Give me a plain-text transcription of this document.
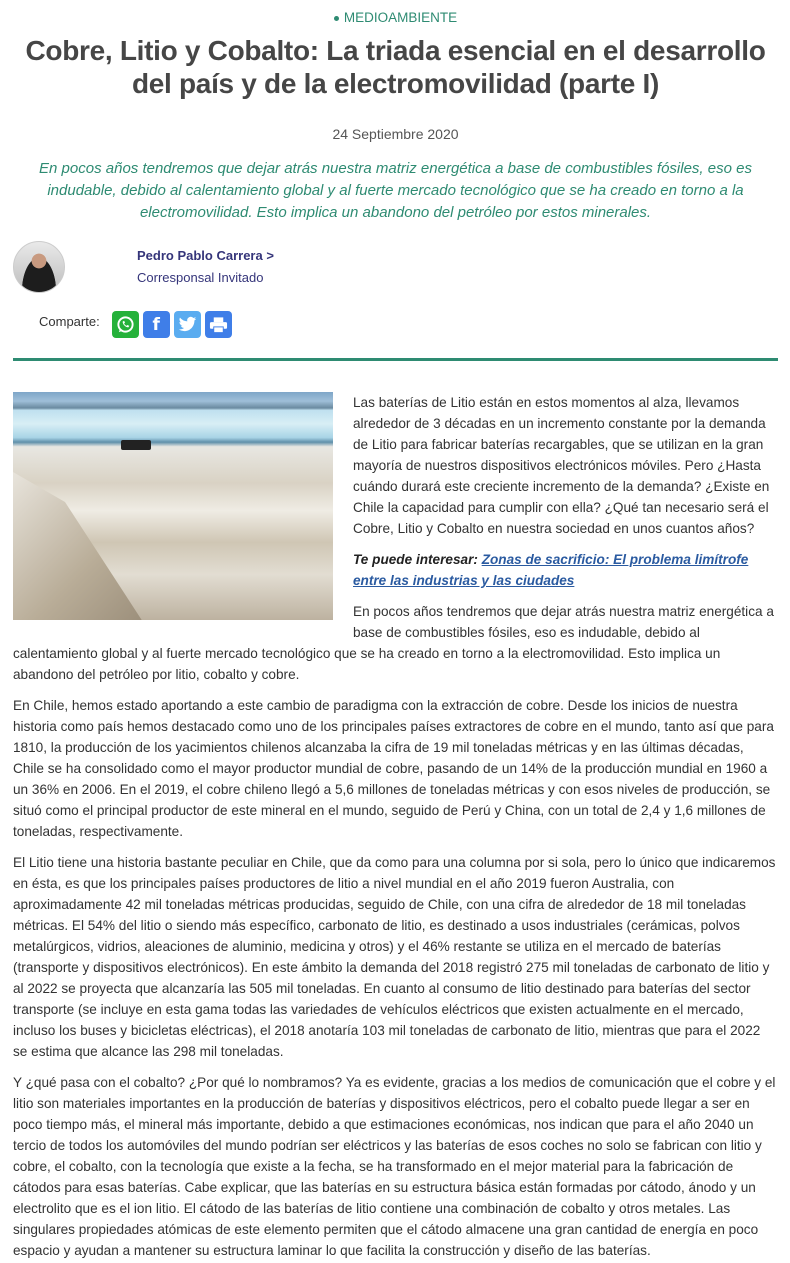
MEDIOAMBIENTE
Cobre, Litio y Cobalto: La triada esencial en el desarrollo del país y de la electromovilidad (parte I)
24 Septiembre 2020
En pocos años tendremos que dejar atrás nuestra matriz energética a base de combustibles fósiles, eso es indudable, debido al calentamiento global y al fuerte mercado tecnológico que se ha creado en torno a la electromovilidad. Esto implica un abandono del petróleo por estos minerales.
Pedro Pablo Carrera >
Corresponsal Invitado
Comparte:	f

Las baterías de Litio están en estos momentos al alza, llevamos alrededor de 3 décadas en un incremento constante por la demanda de Litio para fabricar baterías recargables, que se utilizan en la gran mayoría de nuestros dispositivos electrónicos móviles. Pero ¿Hasta cuándo durará este creciente incremento de la demanda? ¿Existe en Chile la capacidad para cumplir con ella? ¿Qué tan necesario será el Cobre, Litio y Cobalto en nuestra sociedad en unos cuantos años?

Te puede interesar: Zonas de sacrificio: El problema limítrofe entre las industrias y las ciudades

En pocos años tendremos que dejar atrás nuestra matriz energética a base de combustibles fósiles, eso es indudable, debido al calentamiento global y al fuerte mercado tecnológico que se ha creado en torno a la electromovilidad. Esto implica un abandono del petróleo por litio, cobalto y cobre.

En Chile, hemos estado aportando a este cambio de paradigma con la extracción de cobre. Desde los inicios de nuestra historia como país hemos destacado como uno de los principales países extractores de cobre en el mundo, tanto así que para 1810, la producción de los yacimientos chilenos alcanzaba la cifra de 19 mil toneladas métricas y en las últimas décadas, Chile se ha consolidado como el mayor productor mundial de cobre, pasando de un 14% de la producción mundial en 1960 a un 36% en 2006. En el 2019, el cobre chileno llegó a 5,6 millones de toneladas métricas y con esos niveles de producción, se situó como el principal productor de este mineral en el mundo, seguido de Perú y China, con un total de 2,4 y 1,6 millones de toneladas, respectivamente.

El Litio tiene una historia bastante peculiar en Chile, que da como para una columna por si sola, pero lo único que indicaremos en ésta, es que los principales países productores de litio a nivel mundial en el año 2019 fueron Australia, con aproximadamente 42 mil toneladas métricas producidas, seguido de Chile, con una cifra de alrededor de 18 mil toneladas métricas. El 54% del litio o siendo más específico, carbonato de litio, es destinado a usos industriales (cerámicas, polvos metalúrgicos, vidrios, aleaciones de aluminio, medicina y otros) y el 46% restante se utiliza en el mercado de baterías (transporte y dispositivos electrónicos). En este ámbito la demanda del 2018 registró 275 mil toneladas de carbonato de litio y al 2022 se proyecta que alcanzaría las 505 mil toneladas. En cuanto al consumo de litio destinado para baterías del sector transporte (se incluye en esta gama todas las variedades de vehículos eléctricos que existen actualmente en el mercado, incluso los buses y bicicletas eléctricas), el 2018 anotaría 103 mil toneladas de carbonato de litio, mientras que para el 2022 se estima que alcance las 298 mil toneladas.

Y ¿qué pasa con el cobalto? ¿Por qué lo nombramos? Ya es evidente, gracias a los medios de comunicación que el cobre y el litio son materiales importantes en la producción de baterías y dispositivos eléctricos, pero el cobalto puede llegar a ser en poco tiempo más, el mineral más importante, debido a que estimaciones económicas, nos indican que para el año 2040 un tercio de todos los automóviles del mundo podrían ser eléctricos y las baterías de esos coches no solo se fabrican con litio y cobre, el cobalto, con la tecnología que existe a la fecha, se ha transformado en el mejor material para la fabricación de cátodos para esas baterías. Cabe explicar, que las baterías en su estructura básica están formadas por cátodo, ánodo y un electrolito que es el ion litio. El cátodo de las baterías de litio contiene una combinación de cobalto y otros metales. Las singulares propiedades atómicas de este elemento permiten que el cátodo almacene una gran cantidad de energía en poco espacio y ayudan a mantener su estructura laminar lo que facilita la construcción y diseño de las baterías.
